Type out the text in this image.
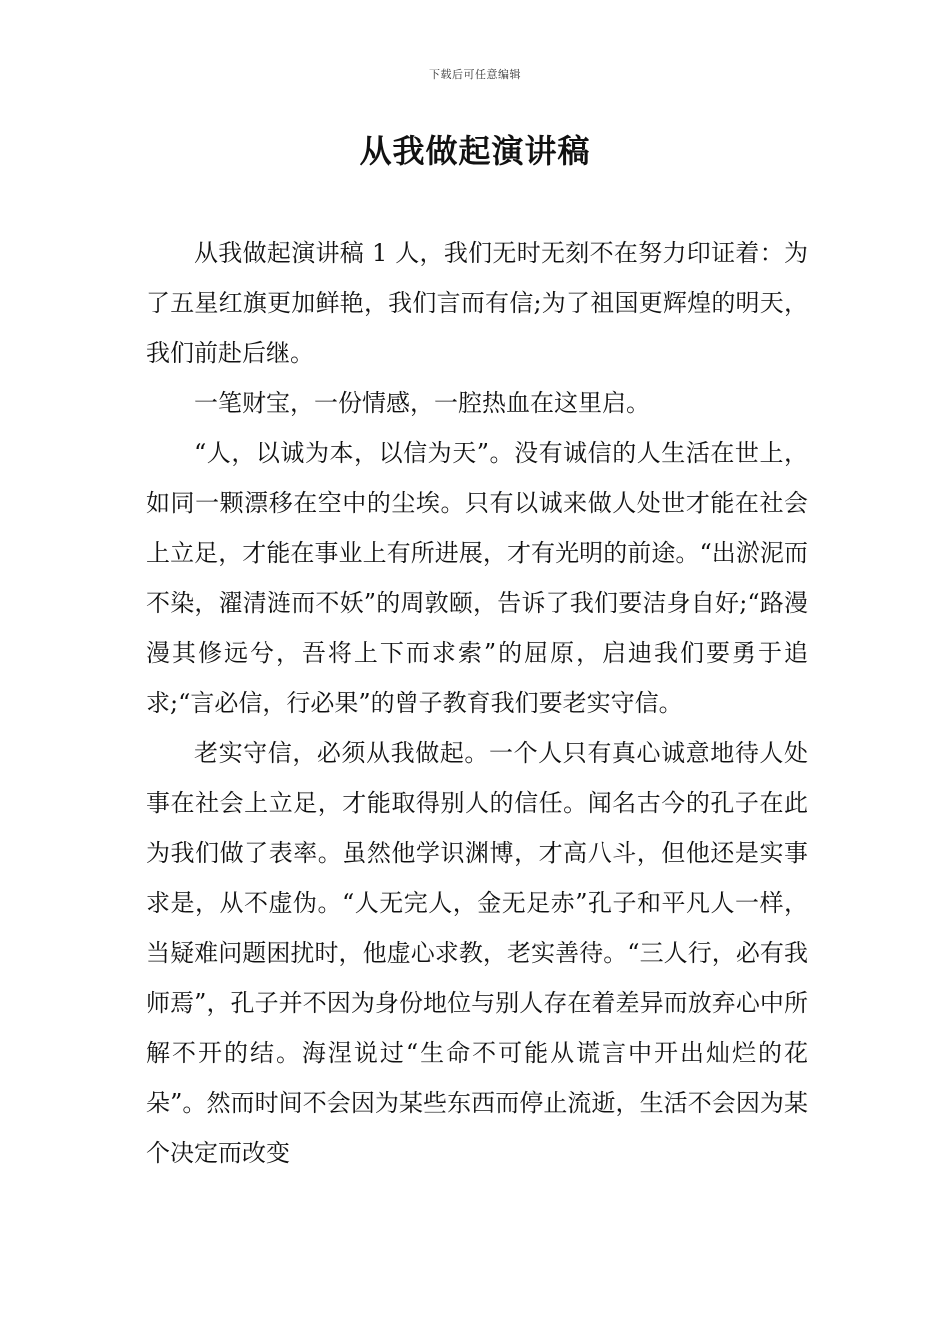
下载后可任意编辑
从我做起演讲稿

从我做起演讲稿 1 人，我们无时无刻不在努力印证着：为了五星红旗更加鲜艳，我们言而有信;为了祖国更辉煌的明天，我们前赴后继。

一笔财宝，一份情感，一腔热血在这里启。

“人，以诚为本，以信为天”。没有诚信的人生活在世上，如同一颗漂移在空中的尘埃。只有以诚来做人处世才能在社会上立足，才能在事业上有所进展，才有光明的前途。“出淤泥而不染，濯清涟而不妖”的周敦颐，告诉了我们要洁身自好;“路漫漫其修远兮，吾将上下而求索”的屈原，启迪我们要勇于追求;“言必信，行必果”的曾子教育我们要老实守信。

老实守信，必须从我做起。一个人只有真心诚意地待人处事在社会上立足，才能取得别人的信任。闻名古今的孔子在此为我们做了表率。虽然他学识渊博，才高八斗，但他还是实事求是，从不虚伪。“人无完人，金无足赤”孔子和平凡人一样，当疑难问题困扰时，他虚心求教，老实善待。“三人行，必有我师焉”，孔子并不因为身份地位与别人存在着差异而放弃心中所解不开的结。海涅说过“生命不可能从谎言中开出灿烂的花朵”。然而时间不会因为某些东西而停止流逝，生活不会因为某个决定而改变
